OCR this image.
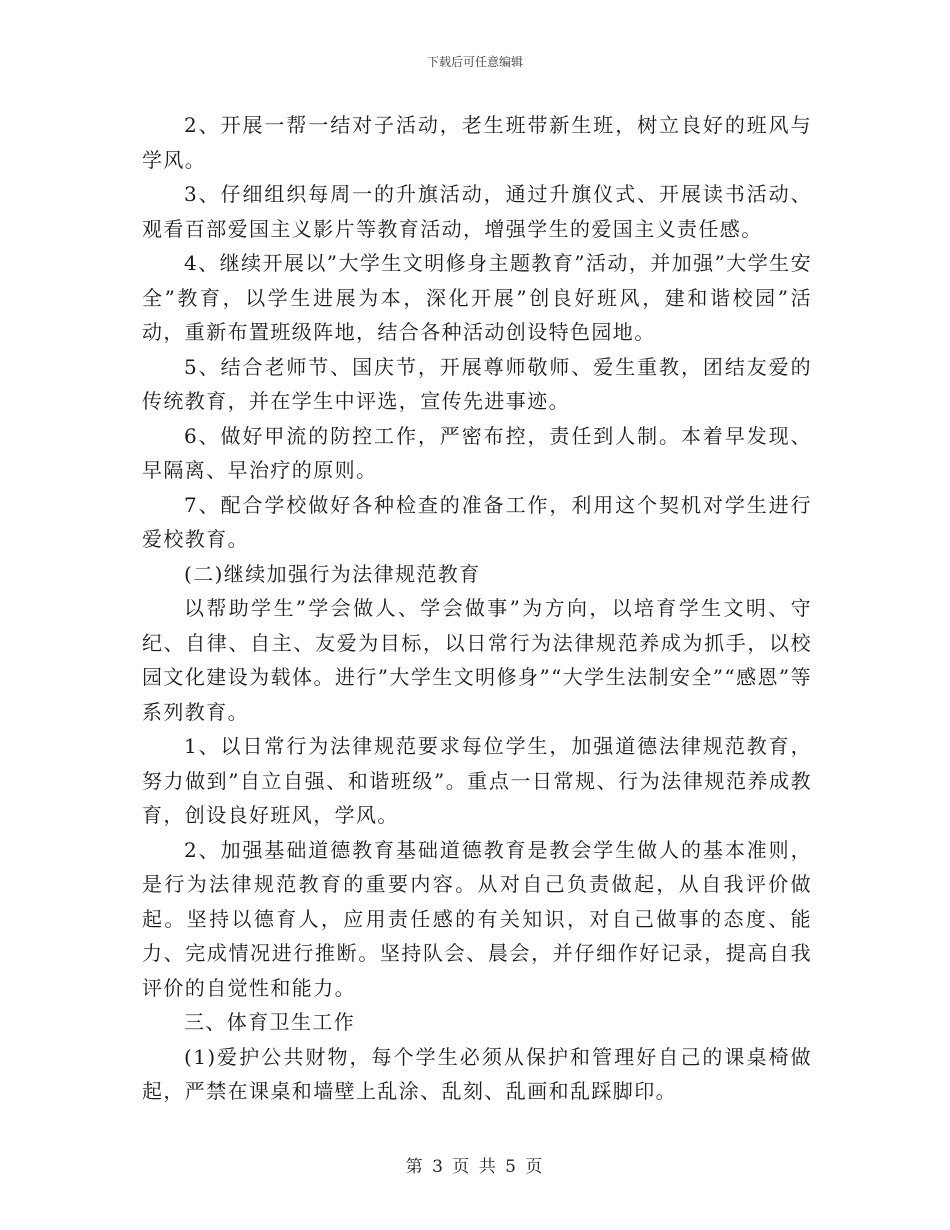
下载后可任意编辑

2、开展一帮一结对子活动，老生班带新生班，树立良好的班风与学风。

3、仔细组织每周一的升旗活动，通过升旗仪式、开展读书活动、观看百部爱国主义影片等教育活动，增强学生的爱国主义责任感。

4、继续开展以”大学生文明修身主题教育”活动，并加强”大学生安全”教育，以学生进展为本，深化开展”创良好班风，建和谐校园”活动，重新布置班级阵地，结合各种活动创设特色园地。

5、结合老师节、国庆节，开展尊师敬师、爱生重教，团结友爱的传统教育，并在学生中评选，宣传先进事迹。

6、做好甲流的防控工作，严密布控，责任到人制。本着早发现、早隔离、早治疗的原则。

7、配合学校做好各种检查的准备工作，利用这个契机对学生进行爱校教育。

(二)继续加强行为法律规范教育

以帮助学生”学会做人、学会做事”为方向，以培育学生文明、守纪、自律、自主、友爱为目标，以日常行为法律规范养成为抓手，以校园文化建设为载体。进行”大学生文明修身”“大学生法制安全”“感恩”等系列教育。

1、以日常行为法律规范要求每位学生，加强道德法律规范教育，努力做到”自立自强、和谐班级”。重点一日常规、行为法律规范养成教育，创设良好班风，学风。

2、加强基础道德教育基础道德教育是教会学生做人的基本准则，是行为法律规范教育的重要内容。从对自己负责做起，从自我评价做起。坚持以德育人，应用责任感的有关知识，对自己做事的态度、能力、完成情况进行推断。坚持队会、晨会，并仔细作好记录，提高自我评价的自觉性和能力。

三、体育卫生工作

(1)爱护公共财物，每个学生必须从保护和管理好自己的课桌椅做起，严禁在课桌和墙壁上乱涂、乱刻、乱画和乱踩脚印。

第 3 页 共 5 页
